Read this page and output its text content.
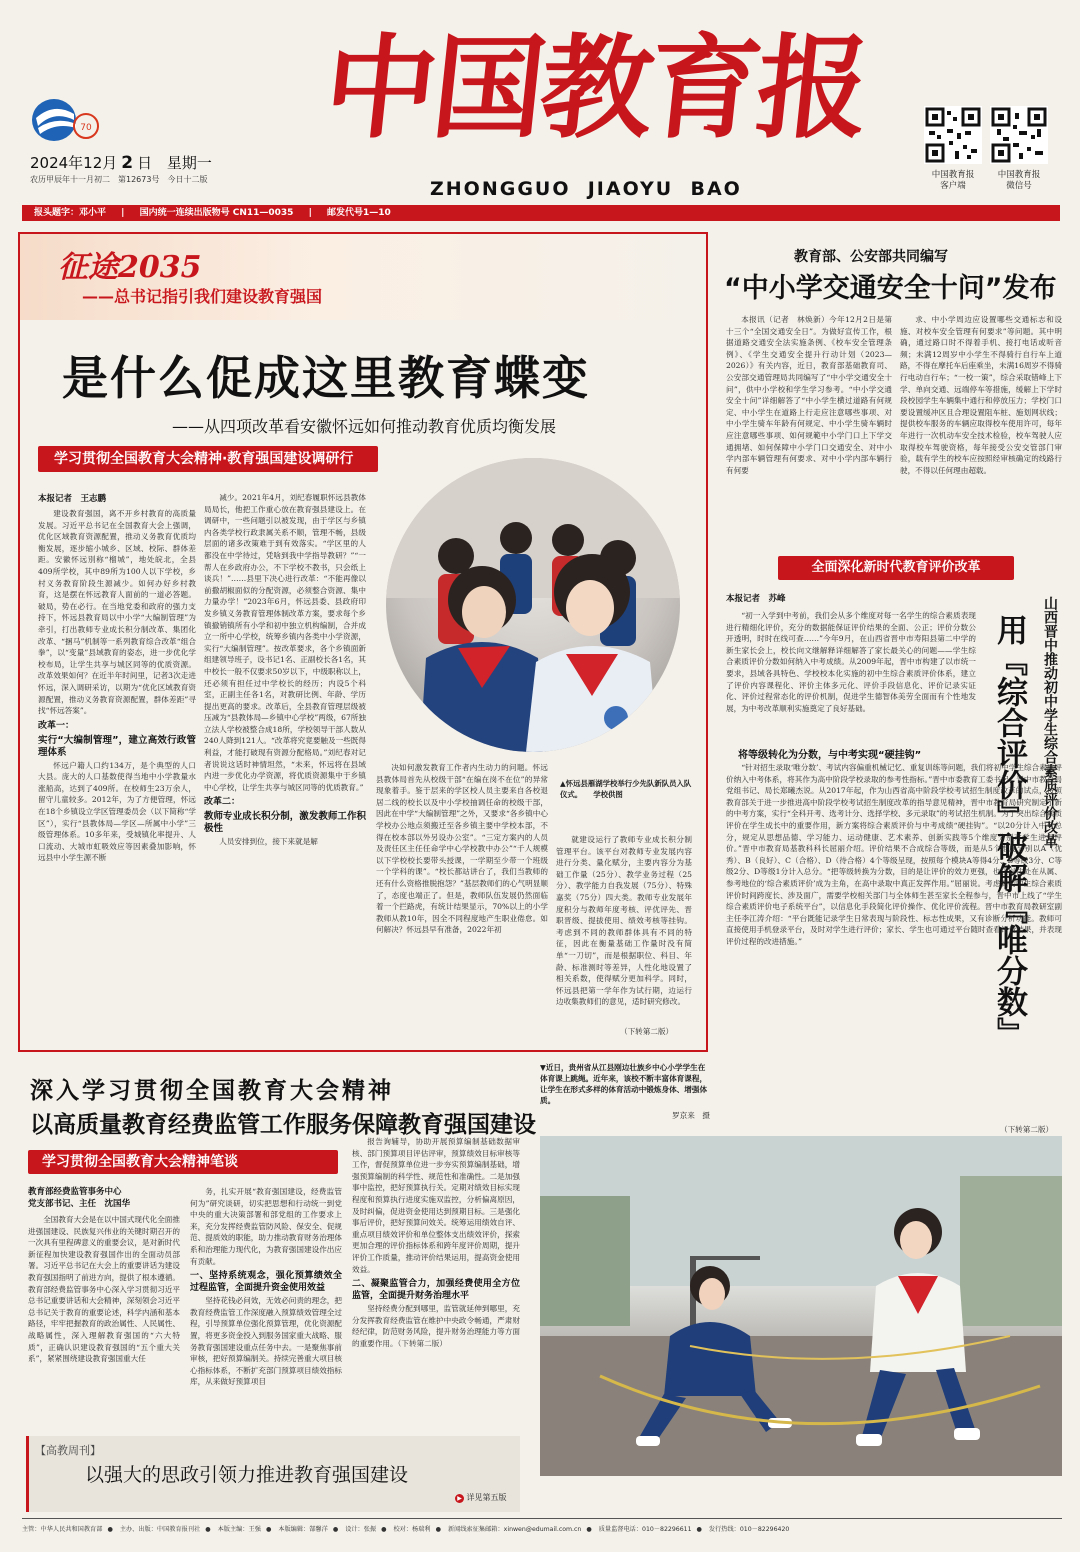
70
2024年12月 2 日 星期一
农历甲辰年十一月初二　第12673号　今日十二版
中国教育报
ZHONGGUO  JIAOYU  BAO
中国教育报
客户端
中国教育报
微信号
报头题字：邓小平 | 国内统一连续出版物号 CN11—0035 | 邮发代号1—10
征途2035
——总书记指引我们建设教育强国
是什么促成这里教育蝶变
——从四项改革看安徽怀远如何推动教育优质均衡发展
学习贯彻全国教育大会精神·教育强国建设调研行
本报记者　王志鹏

建设教育强国，离不开乡村教育的高质量发展。习近平总书记在全国教育大会上强调，优化区域教育资源配置，推动义务教育优质均衡发展，逐步缩小城乡、区域、校际、群体差距。安徽怀远別称“榴城”，地处皖北，全县409所学校，其中89所为100人以下学校，乡村义务教育阶段生源减少。如何办好乡村教育，这是摆在怀远教育人面前的一道必答题。破局，势在必行。在当地党委和政府的强力支持下，怀远县教育局以中小学“大编制管理”为牵引，打出教师专业成长积分制改革、集团化改革、“捆马”机制等一系列教育综合改革“组合拳”，以“变量”县域教育的姿态，进一步优化学校布局，让学生共享与城区同等的优质资源。改革效果如何？在近半年时间里，记者3次走进怀远，深入调研采访，以期为“优化区域教育资源配置，推动义务教育资源配置，群体差距”寻找“怀远答案”。

改革一：

实行“大编制管理”，建立高效行政管理体系

怀远户籍人口约134万，是个典型的人口大县。庞大的人口基数使得当地中小学教量水涨船高，达到了409所。在校师生23万余人，留守儿童较多。2012年，为了方便管理，怀远在18个乡镇设立学区管理委员会（以下简称“学区”），实行“县教体局—学区—所属中小学”三级管理体系。10多年来，受城镇化率提升、人口流动、大城市虹吸效应等因素叠加影响，怀远县中小学生源不断

减少。2021年4月，刘纪春履职怀远县教体局局长，他把工作重心放在教育强县建设上。在调研中，一些问题引以被发现，由于学区与乡镇内各类学校行政隶属关系不顺，管理不畅，县级层面的诸多改策难于到有效落实。“学区里的人都没在中学待过，凭啥到我中学指导教研？”“一帮人在乡政府办公，不下学校不教书，只会纸上谈兵！”……县里下决心进行改革：“不能再像以前撒胡椒面似的分配资源，必须整合资源、集中力量办学！”2023年6月，怀远县委、县政府印发乡镇义务教育管理体制改革方案，要求每个乡镇撤销镇所有小学和初中独立机构编制，合并成立一所中心学校，统筹乡镇内各类中小学资源，实行“大编制管理”。按改革要求，各个乡镇面新组建领导班子，设书记1名、正副校长各1名，其中校长一般不仅要求50岁以下，中级职称以上，还必须有担任过中学校长的经历；内设5个科室，正副主任各1名，对教研比例、年龄、学历提出更高的要求。改革后，全县教育管理层级被压减为“县教体局—乡镇中心学校”两级，67所独立法人学校被整合成18所，学校领导干部人数从240人降到121人。“改革将究竟要触及一些既得利益，才能打破现有资源分配格局。”刘纪春对记者说说这话时神情坦然，“未来，怀远将在县域内进一步优化办学资源，将优质资源集中于乡镇中心学校，让学生共享与城区同等的优质教育。”

改革二：

教师专业成长积分制，激发教师工作积极性

人员安排到位，接下来就是解

▲怀远县雁湖学校举行少先队新队员入队仪式。　　学校供图

决如何激发教育工作者内生动力的问题。怀远县教体局首先从校级干部“在编在岗不在位”的异常现象着手。鉴于层来的学区校人员主要来自各校退居二线的校长以及中小学校抽调任命的校级干部，因此在中学“大编制管理”之外，又要求“各乡镇中心学校办公地点须搬迁至各乡镇主要中学校本部，不得在校本部以外另设办公室”。“三定方案内的人员及责任区主任任命学中心学校教中办公”“千人规模以下学校校长要带头授课，一学期至少带一个班级一个学科的课”。“校长都站讲台了，我们当教师的还有什么资格推脱抱怨？”基层教师们的心气明显顺了，态度也端正了。但是，教师队伍发展仍然面临着一个拦路虎，有统计结果显示，70%以上的小学教师从教10年，因全不同程度地产生职业倦怠。如何解决？怀远县早有准备，2022年初

就建设运行了教师专业成长积分制管理平台。该平台对教师专业发展内容进行分类、量化赋分，主要内容分为基础工作量（25分）、教学业务过程（25分）、教学能力自我发展（75分）、特殊嘉奖（75分）四大类。教师专业发展年度积分与教师年度考核、评优评先、晋职晋级、提拔使用、绩效考核等挂钩。考虑到不同的教师群体具有不同的特征，因此在衡量基础工作量时没有简单“一刀切”，而是根据职位、科目、年龄、标准测时等差异，人性化地设置了相关系数，使得赋分更加科学。同时，怀远县把第一学年作为试行期，边运行边收集教师们的意见，适时研究修改。

（下转第二版）
教育部、公安部共同编写
“中小学交通安全十问”发布

本报讯（记者　林焕新）今年12月2日是第十三个“全国交通安全日”。为做好宣传工作，根据道路交通安全法实施条例、《校车安全管理条例》、《学生交通安全提升行动计划（2023—2026）》有关内容，近日，教育部基础教育司、公安部交通管理局共同编写了“中小学交通安全十问”，供中小学校和学生学习参考。“中小学交通安全十问”详细解答了“中小学生横过道路有何规定、中小学生在道路上行走应注意哪些事项、对中小学生骑车年龄有何规定、中小学生骑车辆时应注意哪些事项、如何规範中小学门口上下学交通拥堵、如何保障中小学门口交通安全、对中小学内部车辆管理有何要求、对中小学内部车辆行有何要

求、中小学周边应设置哪些交通标志和设施、对校车安全管理有何要求”等问题。其中明确，通过路口时不得着手机、接打电话或听音频；未满12周岁中小学生不得骑行自行车上道路，不得在摩托车后座乘坐，未满16周岁不得骑行电动自行车；“一校一策”，综合采取错峰上下学、单向交通、远端停车等措施，缓解上下学时段校园学生车辆集中通行和停放压力；学校门口要设置缓冲区且合理设置阻车桩、施划网状线；提供校车服务的车辆应取得校车使用许可，每年年进行一次机动车安全技术检验，校车驾驶人应取得校车驾驶资格，每年接受公安交管部门审验，载有学生的校车应按照经审核确定的线路行驶，不得以任何理由超载。

全面深化新时代教育评价改革
本报记者　苏峰	山西晋中推动初中学生综合素质评价改革
用『综合评价』破解『唯分数』

“初一入学到中考前，我们会从多个维度对每一名学生的综合素质表现进行精细化评价，充分的数据能保证评价结果的全面、公正；评价分数公开透明，时时在线可查……”今年9月，在山西省晋中市寿阳县第二中学的新生家长会上，校长向文继解释详细解答了家长最关心的问题——学生综合素质评价分数如何纳入中考成绩。从2009年起，晋中市构建了以市统一要求，县域各具特色、学校校本化实施的初中生综合素质评价体系，建立了评价内容课程化、评价主体多元化、评价手段信息化、评价记录实证化、评价过程常态化的评价机制，促进学生德智体美劳全面而有个性地发展，为中考改革顺利实施奠定了良好基础。

将等级转化为分数，与中考实现“硬挂钩”

“针对招生录取‘唯分数’、考试内容偏重机械记忆、重复训练等问题，我们将初中学生综合素质评价纳入中考体系，将其作为高中阶段学校录取的参考性指标。”晋中市委教育工委书记、晋中市教育局党组书记、局长郑曦杰说。从2017年起，作为山西省高中阶段学校考试招生制度改革的试点，按照教育部关于进一步推进高中阶段学校考试招生制度改革的指导意见精神，晋中市教育局研究制定了新的中考方案，实行“全科开考、选考计分、选择学校、多元录取”的考试招生机制。为了突出综合素质评价在学生成长中的重要作用，新方案将综合素质评价与中考成绩“硬挂钩”。“以20分计入中考总分，规定从思想品德、学习能力、运动健康、艺术素养、创新实践等5个维度分别对学生进行评价。”晋中市教育局基教科科长屈丽介绍。评价结果不合成综合等级，而是从5个维度分别以A（优秀）、B（良好）、C（合格）、D（待合格）4个等级呈现，按照每个模块A等得4分、B等级3分、C等级2分、D等级1分计入总分。“把等级转换为分数，目的是让评价的效力更强，也让以往处在从属、参考地位的‘综合素质评价’成为主角，在高中录取中真正发挥作用。”屈丽说。考虑到初中生综合素质评价时间跨度长、涉及面广，需要学校相关部门与全体师生甚至家长全程参与，晋中市上线了“学生综合素质评价电子系统平台”，以信息化手段简化评价操作、优化评价流程。晋中市教育局教研室副主任李江涛介绍：“平台既能记录学生日常表现与阶段性、标志性成果，又有诊断分析功能。教师可直接使用手机登录平台，及时对学生进行评价；家长、学生也可通过平台随时查看评价结果，并表现评价过程的改进措施。”

（下转第二版）
深入学习贯彻全国教育大会精神
以高质量教育经费监管工作服务保障教育强国建设
学习贯彻全国教育大会精神笔谈
教育部经费监管事务中心
党支部书记、主任　沈国华

全国教育大会是在以中国式现代化全面推进强国建设、民族复兴伟业的关键时期召开的一次具有里程碑意义的重要会议，是对新时代新征程加快建设教育强国作出的全面动员部署。习近平总书记在大会上的重要讲话为建设教育强国指明了前进方向，提供了根本遵循。教育部经费监管事务中心深入学习贯彻习近平总书记重要讲话和大会精神，深刻领会习近平总书记关于教育的重要论述，科学内涵和基本路径，牢牢把握教育的政治属性、人民属性、战略属性，深入理解教育强国的“六大特质”，正确认识建设教育强国的“五个重大关系”，紧紧围绕建设教育强国重大任

务，扎实开展“教育强国建设，经费监管何为”研究谈研，切实把思想和行动统一到党中央的重大决策部署和部党组的工作要求上来，充分发挥经费监管防风险、保安全、促规范、提质效的职能，助力推动教育财务治理体系和治理能力现代化，为教育强国建设作出应有贡献。

一、坚持系统观念，强化预算绩效全过程监管，全面提升资金使用效益

坚持花钱必问效，无效必问责的理念，把教育经费监管工作深度融入预算绩效管理全过程，引导预算单位强化预算管理，优化资源配置，将更多资金投入到服务国家重大战略、服务教育强国建设重点任务中去。一是聚焦事前审核，把好预算编制关。持续完善重大项目核心指标体系，不断扩充部门预算项目绩效指标库，从来做好预算项目

报告询辅导，协助开展预算编制基础数据审核、部门预算项目评估评审，预算绩效目标审核等工作，督促预算单位进一步夯实预算编制基础，增强预算编制的科学性、规范性和准确性。二是加强事中监控，把好预算执行关。定期对绩效目标实现程度和预算执行进度实施双监控，分析偏离原因，及时纠偏，促进资金使用达到预期目标。三是强化事后评价，把好预算问效关。统筹运用绩效自评、重点项目绩效评价和单位整体支出绩效评价，探索更加合理的评价指标体系和跨年度评价周期，提升评价工作质量，推动评价结果运用，提高资金使用效益。

二、凝聚监管合力，加强经费使用全方位监管，全面提升财务治理水平

坚持经费分配到哪里，监管就延伸到哪里，充分发挥教育经费监管在维护中央政令畅通，严肃财经纪律，防范财务风险，提升财务治理能力等方面的重要作用。（下转第二版）

▼近日，贵州省从江县刚边壮族乡中心小学学生在体育课上跳绳。近年来，该校不断丰富体育课程，让学生在形式多样的体育活动中锻炼身体、增强体质。
罗京来　摄
【高教周刊】
以强大的思政引领力推进教育强国建设
▶ 详见第五版
主管：中华人民共和国教育部 ● 主办、出版：中国教育报刊社 ● 本版主编：王强 ● 本版编辑：郜馨洋 ● 设计：张振 ● 校对：杨瑞利 ● 新闻线索征集邮箱：xinwen@edumail.com.cn ● 质量监督电话：010－82296611 ● 发行热线：010－82296420
